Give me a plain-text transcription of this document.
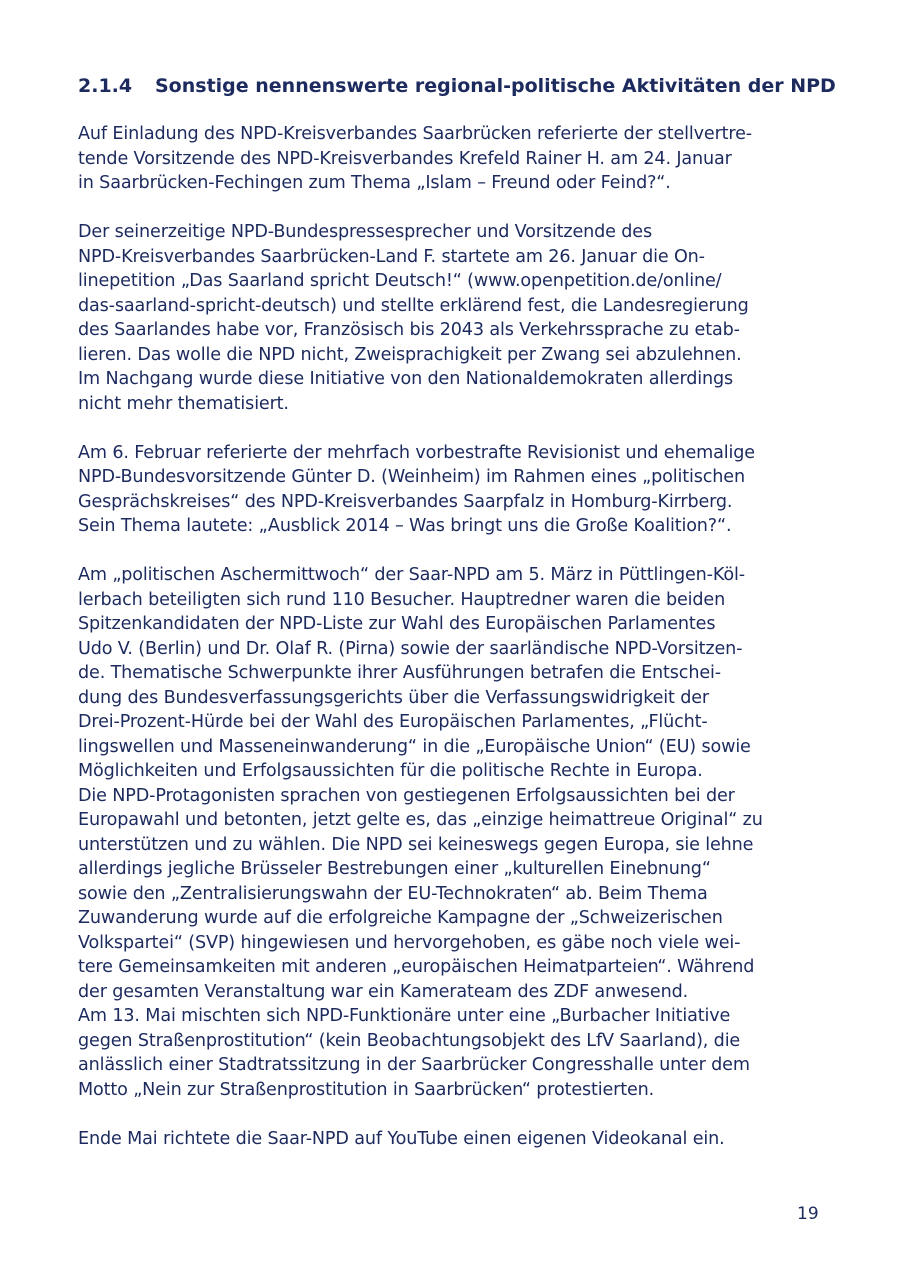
2.1.4 Sonstige nennenswerte regional-politische Aktivitäten der NPD
Auf Einladung des NPD-Kreisverbandes Saarbrücken referierte der stellvertre-
tende Vorsitzende des NPD-Kreisverbandes Krefeld Rainer H. am 24. Januar
in Saarbrücken-Fechingen zum Thema „Islam – Freund oder Feind?“.
Der seinerzeitige NPD-Bundespressesprecher und Vorsitzende des
NPD-Kreisverbandes Saarbrücken-Land F. startete am 26. Januar die On-
linepetition „Das Saarland spricht Deutsch!“ (www.openpetition.de/online/
das-saarland-spricht-deutsch) und stellte erklärend fest, die Landesregierung
des Saarlandes habe vor, Französisch bis 2043 als Verkehrssprache zu etab-
lieren. Das wolle die NPD nicht, Zweisprachigkeit per Zwang sei abzulehnen.
Im Nachgang wurde diese Initiative von den Nationaldemokraten allerdings
nicht mehr thematisiert.
Am 6. Februar referierte der mehrfach vorbestrafte Revisionist und ehemalige
NPD-Bundesvorsitzende Günter D. (Weinheim) im Rahmen eines „politischen
Gesprächskreises“ des NPD-Kreisverbandes Saarpfalz in Homburg-Kirrberg.
Sein Thema lautete: „Ausblick 2014 – Was bringt uns die Große Koalition?“.
Am „politischen Aschermittwoch“ der Saar-NPD am 5. März in Püttlingen-Köl-
lerbach beteiligten sich rund 110 Besucher. Hauptredner waren die beiden
Spitzenkandidaten der NPD-Liste zur Wahl des Europäischen Parlamentes
Udo V. (Berlin) und Dr. Olaf R. (Pirna) sowie der saarländische NPD-Vorsitzen-
de. Thematische Schwerpunkte ihrer Ausführungen betrafen die Entschei-
dung des Bundesverfassungsgerichts über die Verfassungswidrigkeit der
Drei-Prozent-Hürde bei der Wahl des Europäischen Parlamentes, „Flücht-
lingswellen und Masseneinwanderung“ in die „Europäische Union“ (EU) sowie
Möglichkeiten und Erfolgsaussichten für die politische Rechte in Europa.
Die NPD-Protagonisten sprachen von gestiegenen Erfolgsaussichten bei der
Europawahl und betonten, jetzt gelte es, das „einzige heimattreue Original“ zu
unterstützen und zu wählen. Die NPD sei keineswegs gegen Europa, sie lehne
allerdings jegliche Brüsseler Bestrebungen einer „kulturellen Einebnung“
sowie den „Zentralisierungswahn der EU-Technokraten“ ab. Beim Thema
Zuwanderung wurde auf die erfolgreiche Kampagne der „Schweizerischen
Volkspartei“ (SVP) hingewiesen und hervorgehoben, es gäbe noch viele wei-
tere Gemeinsamkeiten mit anderen „europäischen Heimatparteien“. Während
der gesamten Veranstaltung war ein Kamerateam des ZDF anwesend.
Am 13. Mai mischten sich NPD-Funktionäre unter eine „Burbacher Initiative
gegen Straßenprostitution“ (kein Beobachtungsobjekt des LfV Saarland), die
anlässlich einer Stadtratssitzung in der Saarbrücker Congresshalle unter dem
Motto „Nein zur Straßenprostitution in Saarbrücken“ protestierten.
Ende Mai richtete die Saar-NPD auf YouTube einen eigenen Videokanal ein.
19
